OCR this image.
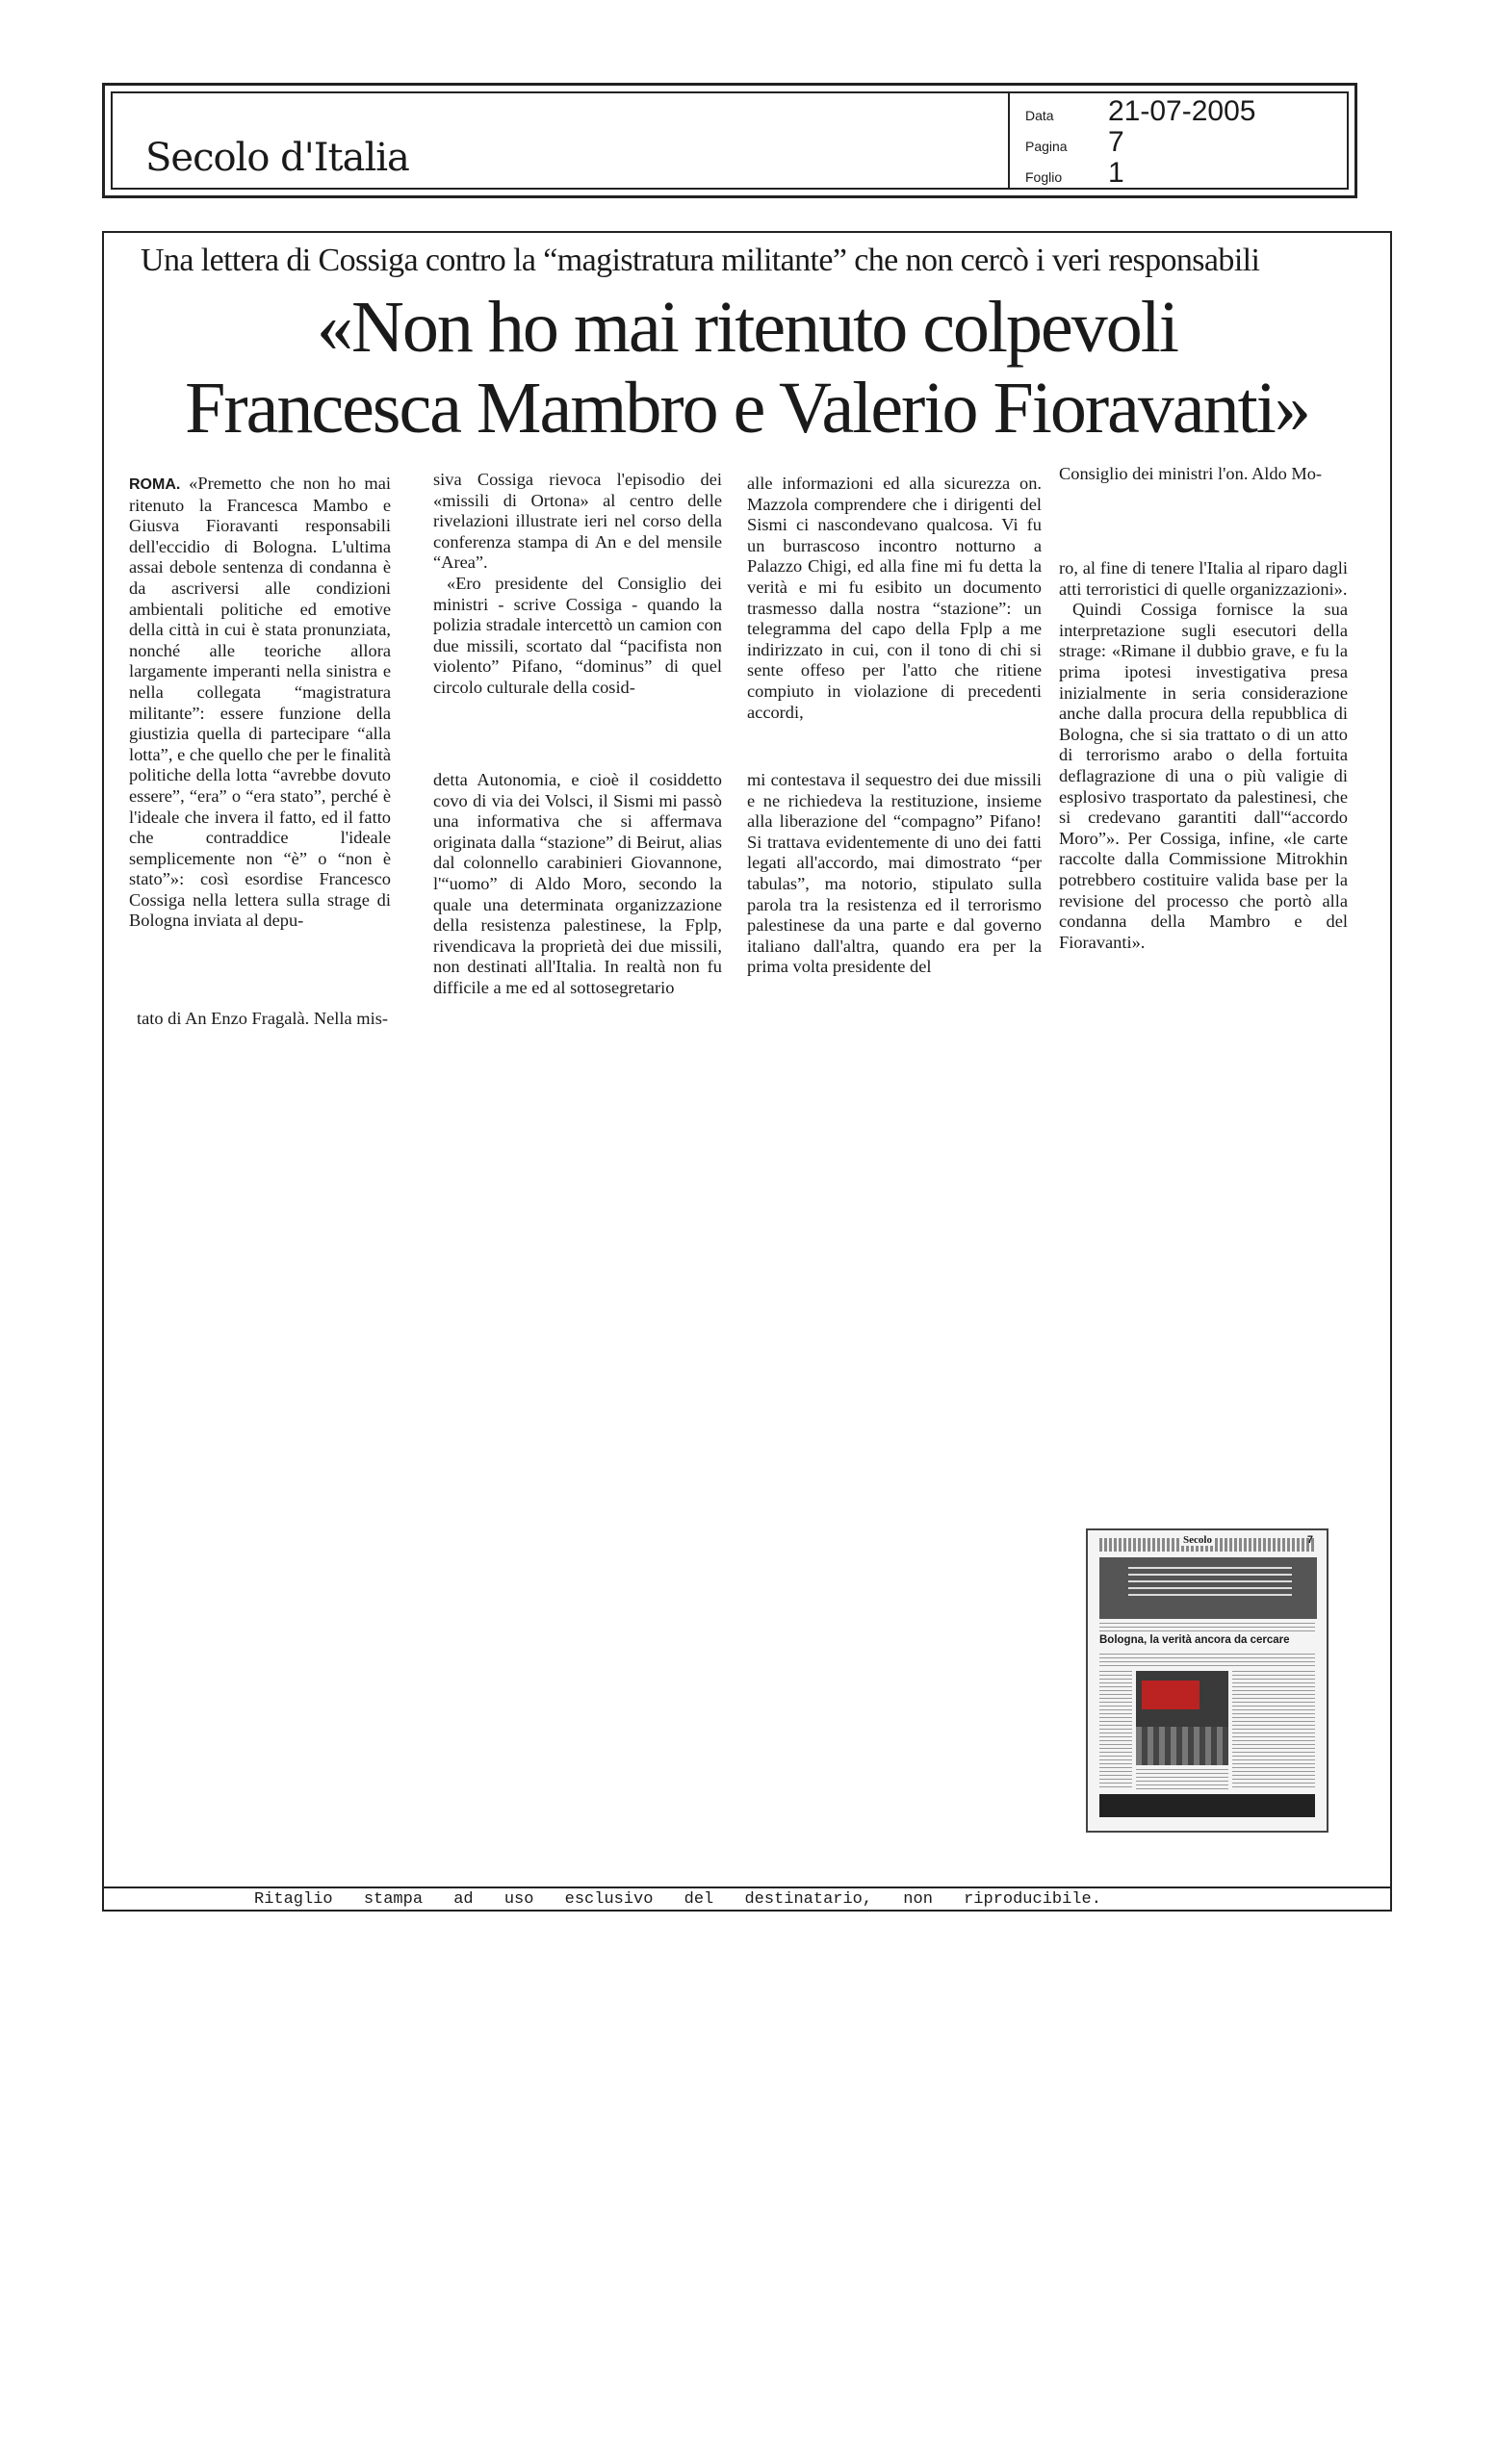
Secolo d'Italia
Data 21-07-2005
Pagina 7
Foglio 1
Una lettera di Cossiga contro la “magistratura militante” che non cercò i veri responsabili
«Non ho mai ritenuto colpevoli
Francesca Mambro e Valerio Fioravanti»

ROMA. «Premetto che non ho mai ritenuto la Francesca Mambo e Giusva Fioravanti responsabili dell'eccidio di Bologna. L'ultima assai debole sentenza di condanna è da ascriversi alle condizioni ambientali politiche ed emotive della città in cui è stata pronunziata, nonché alle teoriche allora largamente imperanti nella sinistra e nella collegata “magistratura militante”: essere funzione della giustizia quella di partecipare “alla lotta”, e che quello che per le finalità politiche della lotta “avrebbe dovuto essere”, “era” o “era stato”, perché è l'ideale che invera il fatto, ed il fatto che contraddice l'ideale semplicemente non “è” o “non è stato”»: così esordise Francesco Cossiga nella lettera sulla strage di Bologna inviata al depu-

tato di An Enzo Fragalà. Nella mis-

siva Cossiga rievoca l'episodio dei «missili di Ortona» al centro delle rivelazioni illustrate ieri nel corso della conferenza stampa di An e del mensile “Area”.

«Ero presidente del Consiglio dei ministri - scrive Cossiga - quando la polizia stradale intercettò un camion con due missili, scortato dal “pacifista non violento” Pifano, “dominus” di quel circolo culturale della cosid-

detta Autonomia, e cioè il cosiddetto covo di via dei Volsci, il Sismi mi passò una informativa che si affermava originata dalla “stazione” di Beirut, alias dal colonnello carabinieri Giovannone, l'“uomo” di Aldo Moro, secondo la quale una determinata organizzazione della resistenza palestinese, la Fplp, rivendicava la proprietà dei due missili, non destinati all'Italia. In realtà non fu difficile a me ed al sottosegretario
alle informazioni ed alla sicurezza on. Mazzola comprendere che i dirigenti del Sismi ci nascondevano qualcosa. Vi fu un burrascoso incontro notturno a Palazzo Chigi, ed alla fine mi fu detta la verità e mi fu esibito un documento trasmesso dalla nostra “stazione”: un telegramma del capo della Fplp a me indirizzato in cui, con il tono di chi si sente offeso per l'atto che ritiene compiuto in violazione di precedenti accordi,
mi contestava il sequestro dei due missili e ne richiedeva la restituzione, insieme alla liberazione del “compagno” Pifano! Si trattava evidentemente di uno dei fatti legati all'accordo, mai dimostrato “per tabulas”, ma notorio, stipulato sulla parola tra la resistenza ed il terrorismo palestinese da una parte e dal governo italiano dall'altra, quando era per la prima volta presidente del

Consiglio dei ministri l'on. Aldo Mo-

ro, al fine di tenere l'Italia al riparo dagli atti terroristici di quelle organizzazioni».

Quindi Cossiga fornisce la sua interpretazione sugli esecutori della strage: «Rimane il dubbio grave, e fu la prima ipotesi investigativa presa inizialmente in seria considerazione anche dalla procura della repubblica di Bologna, che si sia trattato o di un atto di terrorismo arabo o della fortuita deflagrazione di una o più valigie di esplosivo trasportato da palestinesi, che si credevano garantiti dall'“accordo Moro”». Per Cossiga, infine, «le carte raccolte dalla Commissione Mitrokhin potrebbero costituire valida base per la revisione del processo che portò alla condanna della Mambro e del Fioravanti».

Secolo	7
Bologna, la verità ancora da cercare
Ritaglio stampa ad uso esclusivo del destinatario, non riproducibile.
